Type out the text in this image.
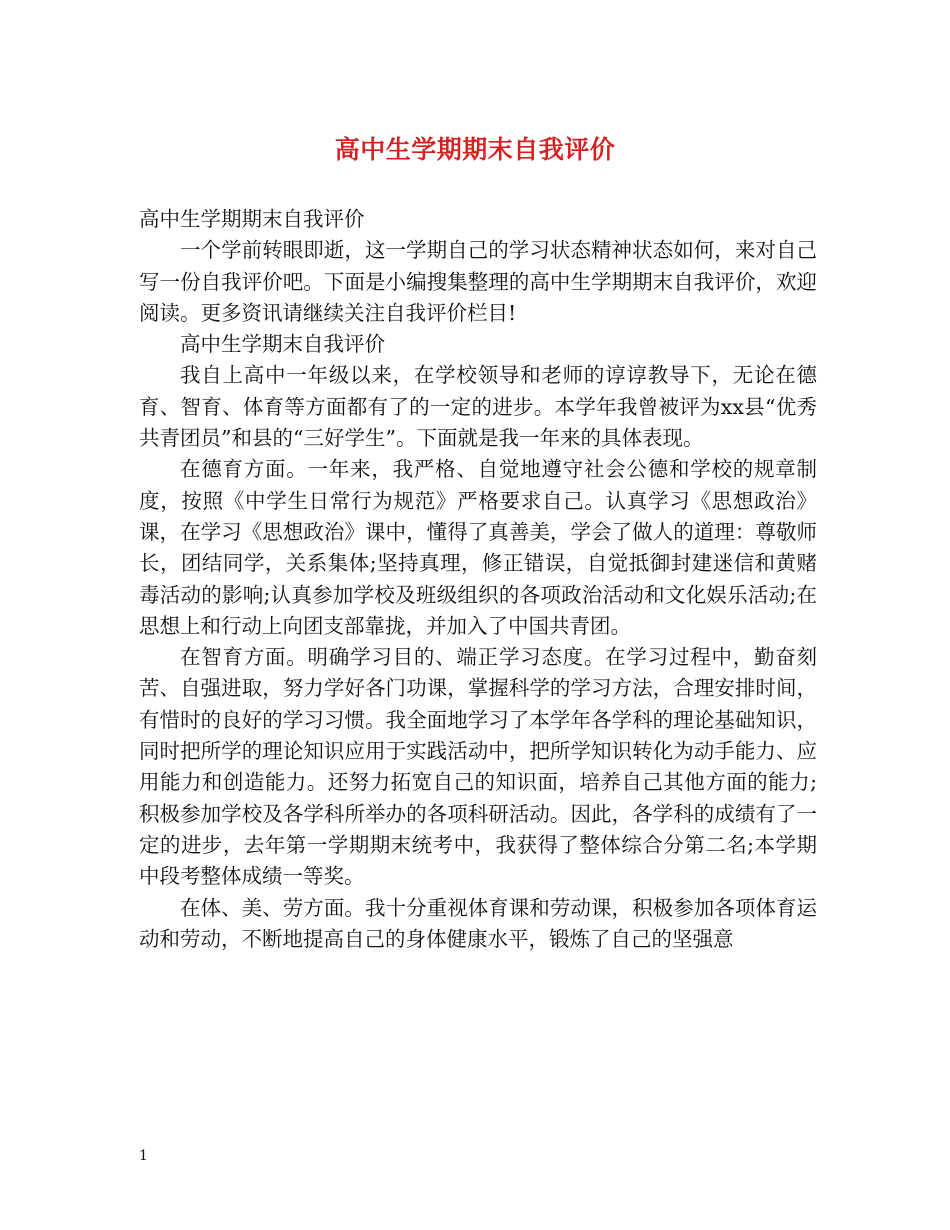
高中生学期期末自我评价

高中生学期期末自我评价

一个学前转眼即逝，这一学期自己的学习状态精神状态如何，来对自己写一份自我评价吧。下面是小编搜集整理的高中生学期期末自我评价，欢迎阅读。更多资讯请继续关注自我评价栏目!

高中生学期末自我评价

我自上高中一年级以来，在学校领导和老师的谆谆教导下，无论在德育、智育、体育等方面都有了的一定的进步。本学年我曾被评为xx县“优秀共青团员”和县的“三好学生”。下面就是我一年来的具体表现。

在德育方面。一年来，我严格、自觉地遵守社会公德和学校的规章制度，按照《中学生日常行为规范》严格要求自己。认真学习《思想政治》课，在学习《思想政治》课中，懂得了真善美，学会了做人的道理：尊敬师长，团结同学，关系集体;坚持真理，修正错误，自觉抵御封建迷信和黄赌毒活动的影响;认真参加学校及班级组织的各项政治活动和文化娱乐活动;在思想上和行动上向团支部靠拢，并加入了中国共青团。

在智育方面。明确学习目的、端正学习态度。在学习过程中，勤奋刻苦、自强进取，努力学好各门功课，掌握科学的学习方法，合理安排时间，有惜时的良好的学习习惯。我全面地学习了本学年各学科的理论基础知识，同时把所学的理论知识应用于实践活动中，把所学知识转化为动手能力、应用能力和创造能力。还努力拓宽自己的知识面，培养自己其他方面的能力;积极参加学校及各学科所举办的各项科研活动。因此，各学科的成绩有了一定的进步，去年第一学期期末统考中，我获得了整体综合分第二名;本学期中段考整体成绩一等奖。

在体、美、劳方面。我十分重视体育课和劳动课，积极参加各项体育运动和劳动，不断地提高自己的身体健康水平，锻炼了自己的坚强意

1
